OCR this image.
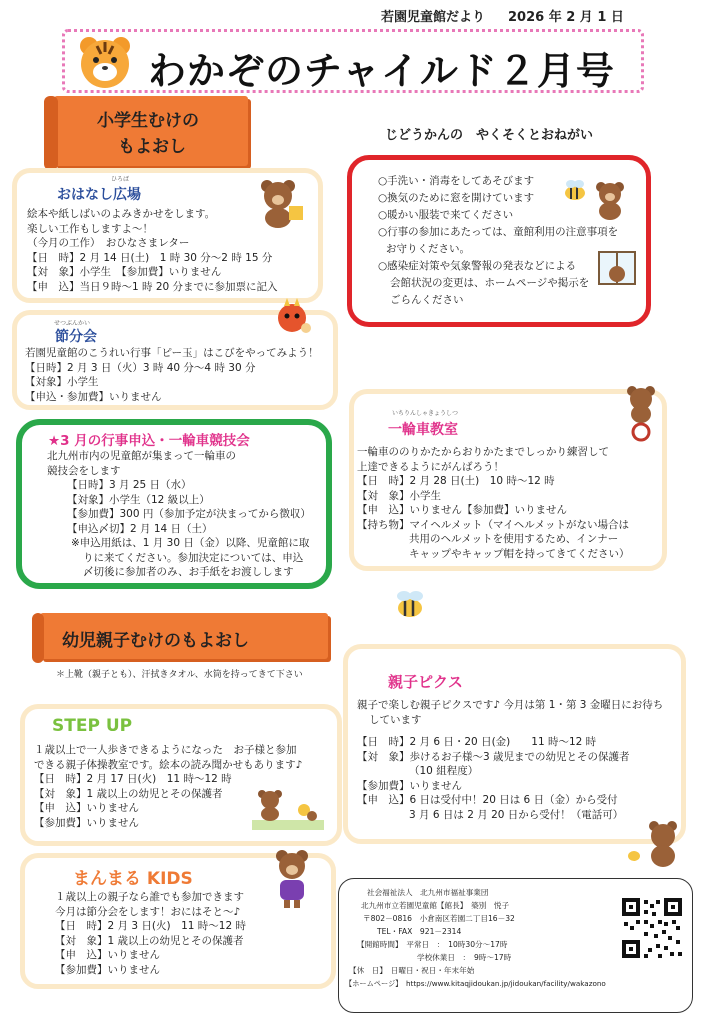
若園児童館だより 2026 年 2 月 1 日
わかぞのチャイルド２月号
小学生むけの
もよおし
じどうかんの　やくそくとおねがい
○手洗い・消毒をしてあそびます
○換気のために窓を開けています
○暖かい服装で来てください
○行事の参加にあたっては、童館利用の注意事項を
お守りください。
○感染症対策や気象警報の発表などによる
会館状況の変更は、ホームページや掲示を
ごらんください
ひろば
おはなし広場
絵本や紙しばいのよみきかせをします。
楽しい工作もしますよ～！
（今月の工作）　おひなさまレター
【日　時】2 月 14 日(土)　1 時 30 分～2 時 15 分
【対　象】小学生　【参加費】いりません
【申　込】当日９時～1 時 20 分までに参加票に記入
せつぶんかい
節分会
若園児童館のこうれい行事「ピー玉」はこびをやってみよう！
【日時】2 月 3 日（火）3 時 40 分～4 時 30 分
【対象】小学生
【申込・参加費】いりません
★3 月の行事申込・一輪車競技会
北九州市内の児童館が集まって一輪車の
競技会をします
【日時】3 月 25 日（水）
【対象】小学生（12 級以上）
【参加費】300 円（参加予定が決まってから徴収）
【申込〆切】2 月 14 日（土）
※申込用紙は、1 月 30 日（金）以降、児童館に取
りに来てください。参加決定については、申込
〆切後に参加者のみ、お手紙をお渡しします
いちりんしゃきょうしつ
一輪車教室
一輪車ののりかたからおりかたまでしっかり練習して
上達できるようにがんばろう！
【日　時】2 月 28 日(土)　10 時～12 時
【対　象】小学生
【申　込】いりません【参加費】いりません
【持ち物】マイヘルメット（マイヘルメットがない場合は
共用のヘルメットを使用するため、インナー
キャップやキャップ帽を持ってきてください）
幼児親子むけのもよおし
＊上靴（親子とも）、汗拭きタオル、水筒を持ってきて下さい
STEP UP
１歳以上で一人歩きできるようになった　お子様と参加
できる親子体操教室です。絵本の読み聞かせもあります♪
【日　時】2 月 17 日(火)　11 時～12 時
【対　象】1 歳以上の幼児とその保護者
【申　込】いりません
【参加費】いりません
まんまる KIDS
１歳以上の親子なら誰でも参加できます
今月は節分会をします！おにはそと～♪
【日　時】2 月 3 日(火)　11 時～12 時
【対　象】1 歳以上の幼児とその保護者
【申　込】いりません
【参加費】いりません
親子ピクス
親子で楽しむ親子ピクスです♪ 今月は第 1・第 3 金曜日にお待ち
しています
【日　時】2 月 6 日・20 日(金)　　11 時～12 時
【対　象】歩けるお子様～3 歳児までの幼児とその保護者
（10 組程度）
【参加費】いりません
【申　込】6 日は受付中！20 日は 6 日（金）から受付
3 月 6 日は 2 月 20 日から受付！（電話可）
社会福祉法人　北九州市福祉事業団
北九州市立若園児童館【館長】　築別　悦子
〒802－0816　小倉南区若園二丁目16－32
TEL・FAX　921－2314
【開館時間】　平常日　：　10時30分～17時
学校休業日　：　9時～17時
【休　日】　日曜日・祝日・年末年始
【ホームページ】　https://www.kitaqjidoukan.jp/jidoukan/facility/wakazono
